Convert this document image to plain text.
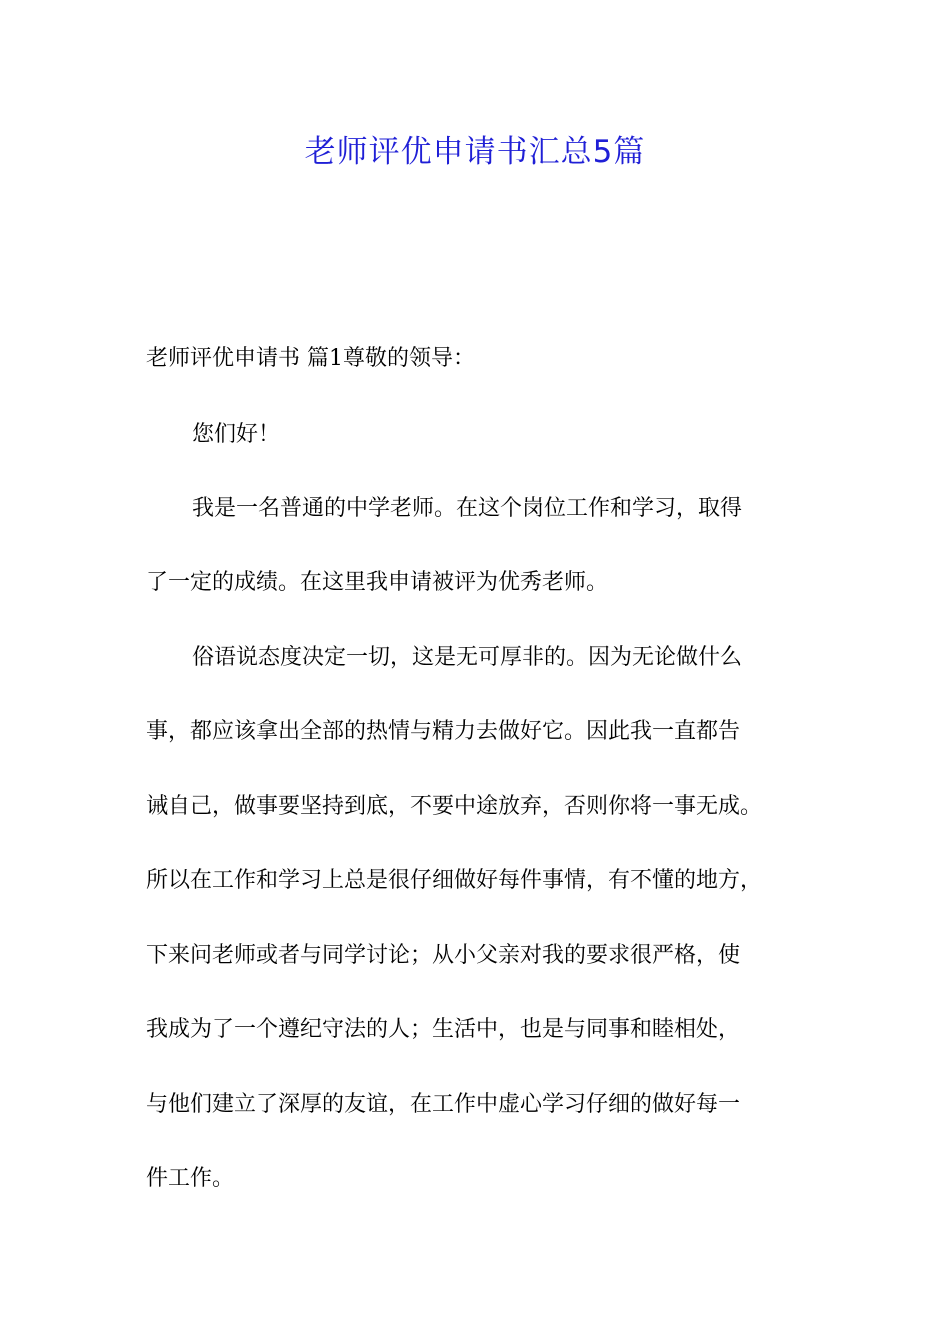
老师评优申请书汇总5篇

老师评优申请书 篇1尊敬的领导：

您们好！

我是一名普通的中学老师。在这个岗位工作和学习，取得

了一定的成绩。在这里我申请被评为优秀老师。

俗语说态度决定一切，这是无可厚非的。因为无论做什么

事，都应该拿出全部的热情与精力去做好它。因此我一直都告

诫自己，做事要坚持到底，不要中途放弃，否则你将一事无成。

所以在工作和学习上总是很仔细做好每件事情，有不懂的地方，

下来问老师或者与同学讨论；从小父亲对我的要求很严格，使

我成为了一个遵纪守法的人；生活中，也是与同事和睦相处，

与他们建立了深厚的友谊，在工作中虚心学习仔细的做好每一

件工作。
